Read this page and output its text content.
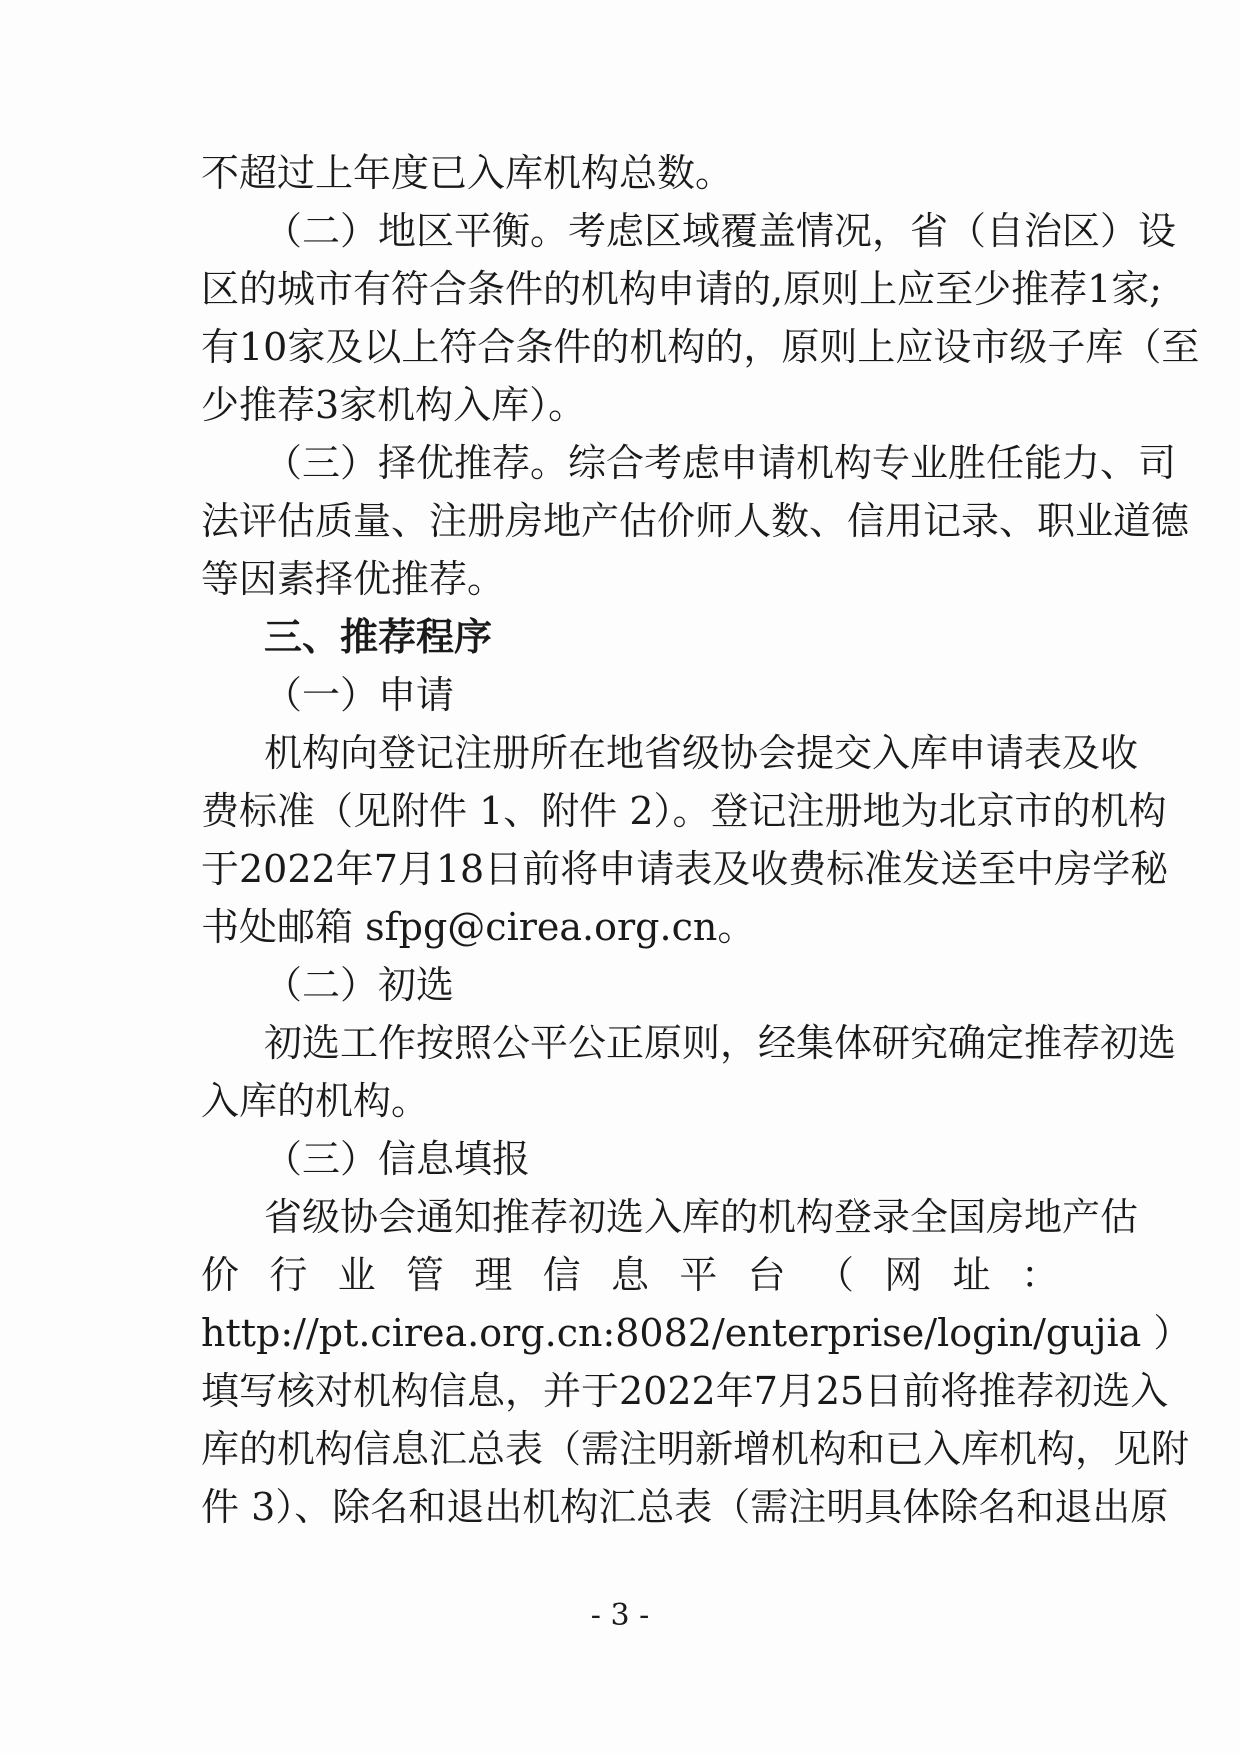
不超过上年度已入库机构总数。
（二）地区平衡。考虑区域覆盖情况，省（自治区）设
区的城市有符合条件的机构申请的,原则上应至少推荐1家;
有10家及以上符合条件的机构的，原则上应设市级子库（至
少推荐3家机构入库）。
（三）择优推荐。综合考虑申请机构专业胜任能力、司
法评估质量、注册房地产估价师人数、信用记录、职业道德
等因素择优推荐。
三、推荐程序
（一）申请
机构向登记注册所在地省级协会提交入库申请表及收
费标准（见附件 1、附件 2）。登记注册地为北京市的机构
于2022年7月18日前将申请表及收费标准发送至中房学秘
书处邮箱 sfpg@cirea.org.cn。
（二）初选
初选工作按照公平公正原则，经集体研究确定推荐初选
入库的机构。
（三）信息填报
省级协会通知推荐初选入库的机构登录全国房地产估
价 行 业 管 理 信 息 平 台 （ 网 址 ：
http://pt.cirea.org.cn:8082/enterprise/login/gujia ）
填写核对机构信息，并于2022年7月25日前将推荐初选入
库的机构信息汇总表（需注明新增机构和已入库机构，见附
件 3）、除名和退出机构汇总表（需注明具体除名和退出原
- 3 -
